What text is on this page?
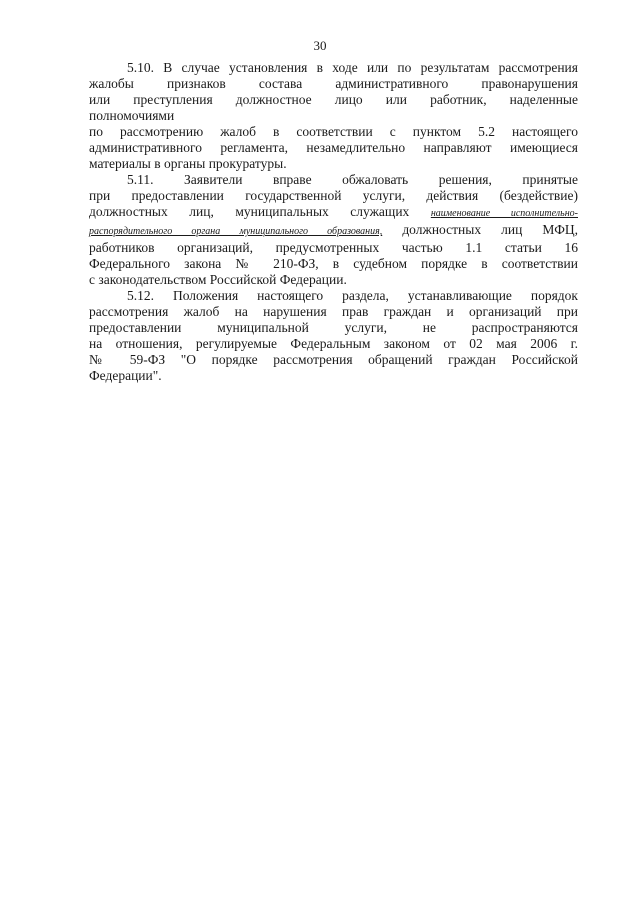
30
5.10. В случае установления в ходе или по результатам рассмотрения
жалобы признаков состава административного правонарушения
или преступления должностное лицо или работник, наделенные
полномочиями
по рассмотрению жалоб в соответствии с пунктом 5.2 настоящего
административного регламента, незамедлительно направляют имеющиеся
материалы в органы прокуратуры.
5.11. Заявители вправе обжаловать решения, принятые
при предоставлении государственной услуги, действия (бездействие)
должностных лиц, муниципальных служащих наименование исполнительно-
распорядительного органа муниципального образования, должностных лиц МФЦ,
работников организаций, предусмотренных частью 1.1 статьи 16
Федерального закона № 210-ФЗ, в судебном порядке в соответствии
с законодательством Российской Федерации.
5.12. Положения настоящего раздела, устанавливающие порядок
рассмотрения жалоб на нарушения прав граждан и организаций при
предоставлении муниципальной услуги, не распространяются
на отношения, регулируемые Федеральным законом от 02 мая 2006 г.
№ 59-ФЗ "О порядке рассмотрения обращений граждан Российской
Федерации".
